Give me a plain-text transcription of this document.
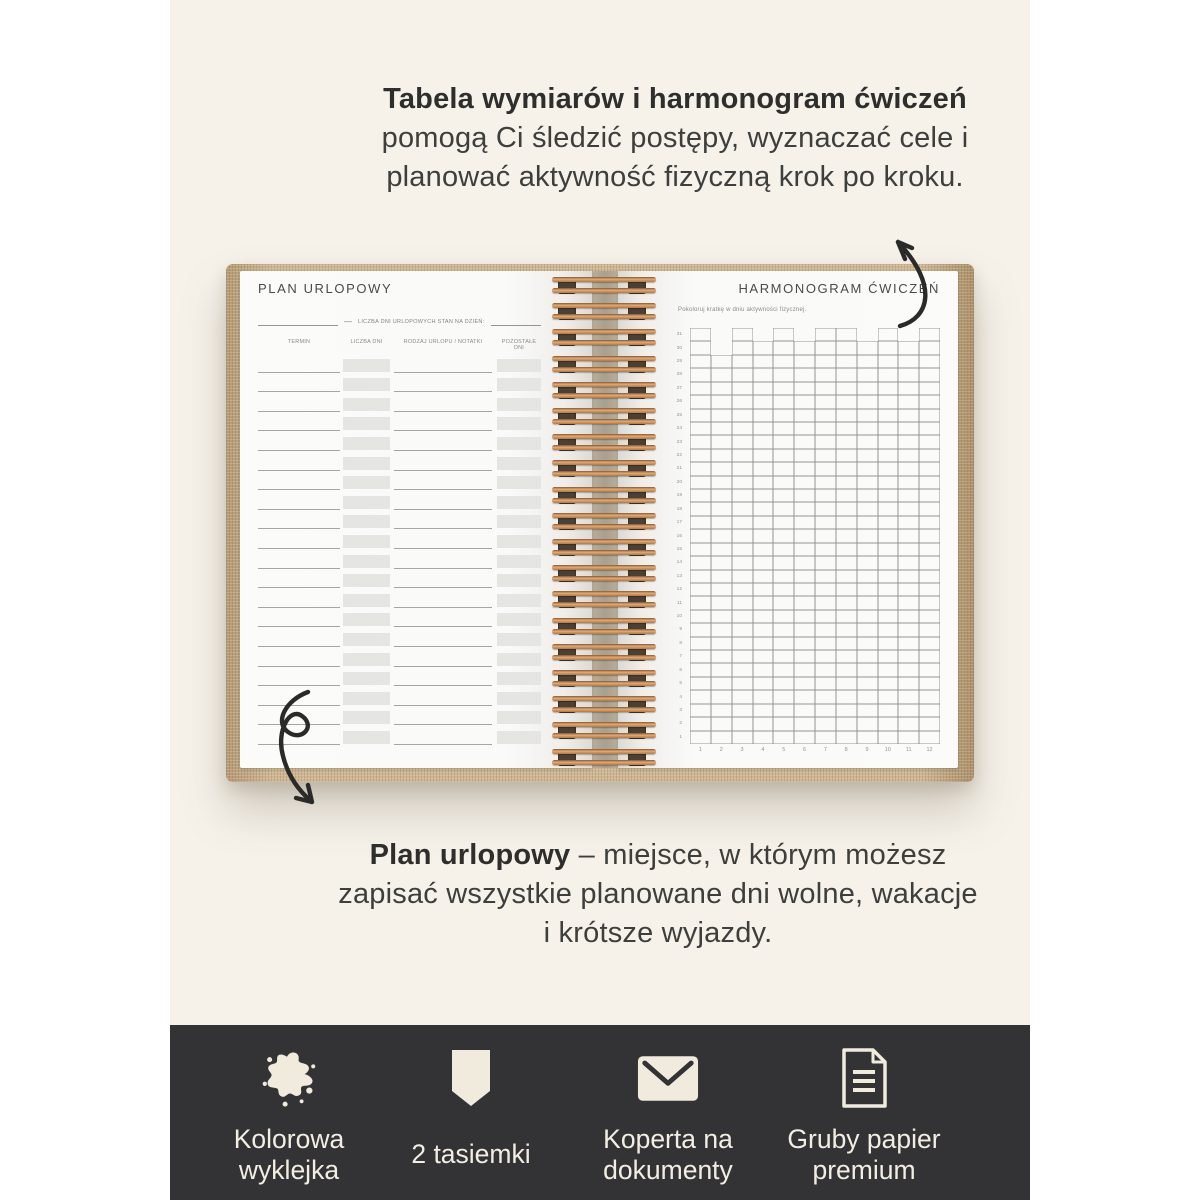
Tabela wymiarów i harmonogram ćwiczeń pomogą Ci śledzić postępy, wyznaczać cele i planować aktywność fizyczną krok po kroku.
PLAN URLOPOWY
— LICZBA DNI URLOPOWYCH STAN NA DZIEŃ:
TERMIN	LICZBA DNI	RODZAJ URLOPU / NOTATKI	POZOSTAŁE DNI
HARMONOGRAM ĆWICZEŃ
Pokoloruj kratkę w dniu aktywności fizycznej.
31
30
29
28
27
26
25
24
23
22
21
20
19
18
17
16
15
14
13
12
11
10
9
8
7
6
5
4
3
2
1
1	2	3	4	5	6	7	8	9	10	11	12
Plan urlopowy – miejsce, w którym możesz zapisać wszystkie planowane dni wolne, wakacje i krótsze wyjazdy.
Kolorowa wyklejka
2 tasiemki
Koperta na dokumenty
Gruby papier premium
